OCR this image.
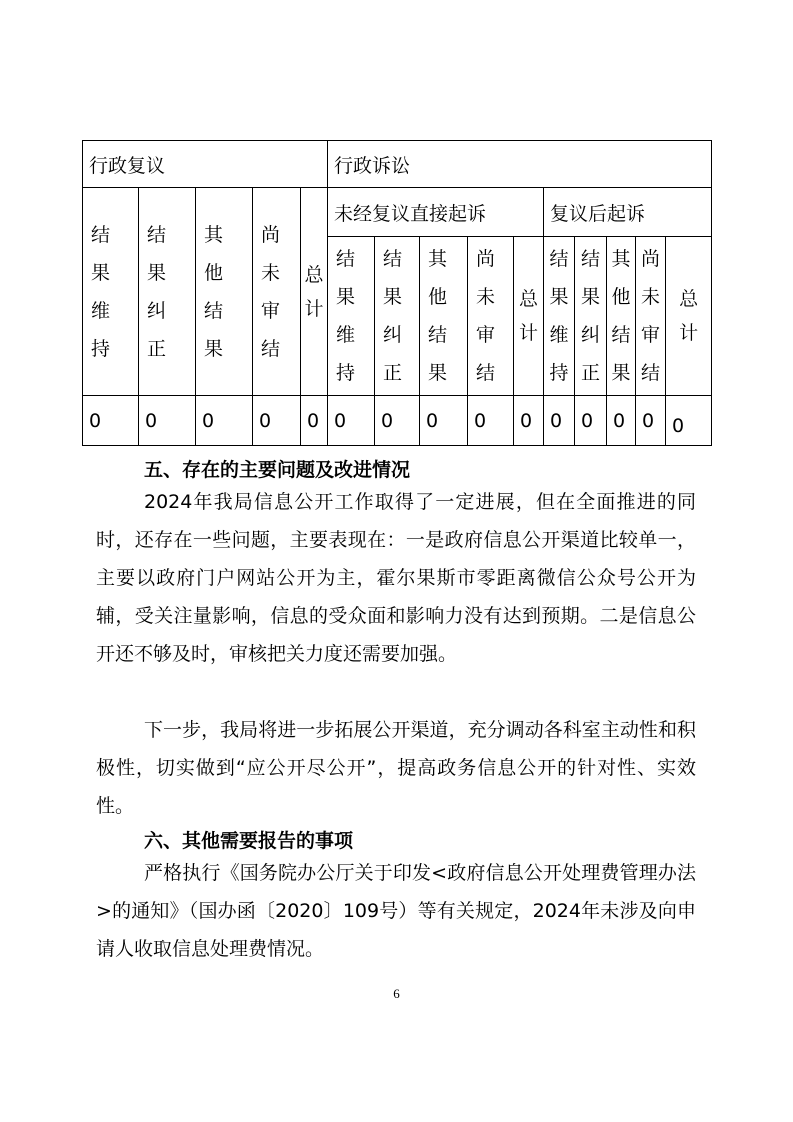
行政复议					行政诉讼									

结果维持	结果纠正	其他结果	尚未审结	总计	未经复议直接起诉					复议后起诉				

					结果维持	结果纠正	其他结果	尚未审结	总计	结果维持	结果纠正	其他结果	尚未审结	总计

0	0	0	0	0	0	0	0	0	0	0	0	0	0	0
五、存在的主要问题及改进情况

2024年我局信息公开工作取得了一定进展，但在全面推进的同时，还存在一些问题，主要表现在：一是政府信息公开渠道比较单一，主要以政府门户网站公开为主，霍尔果斯市零距离微信公众号公开为辅，受关注量影响，信息的受众面和影响力没有达到预期。二是信息公开还不够及时，审核把关力度还需要加强。

下一步，我局将进一步拓展公开渠道，充分调动各科室主动性和积极性，切实做到“应公开尽公开”，提高政务信息公开的针对性、实效性。

六、其他需要报告的事项

严格执行《国务院办公厅关于印发<政府信息公开处理费管理办法>的通知》（国办函〔2020〕109号）等有关规定，2024年未涉及向申请人收取信息处理费情况。

6
